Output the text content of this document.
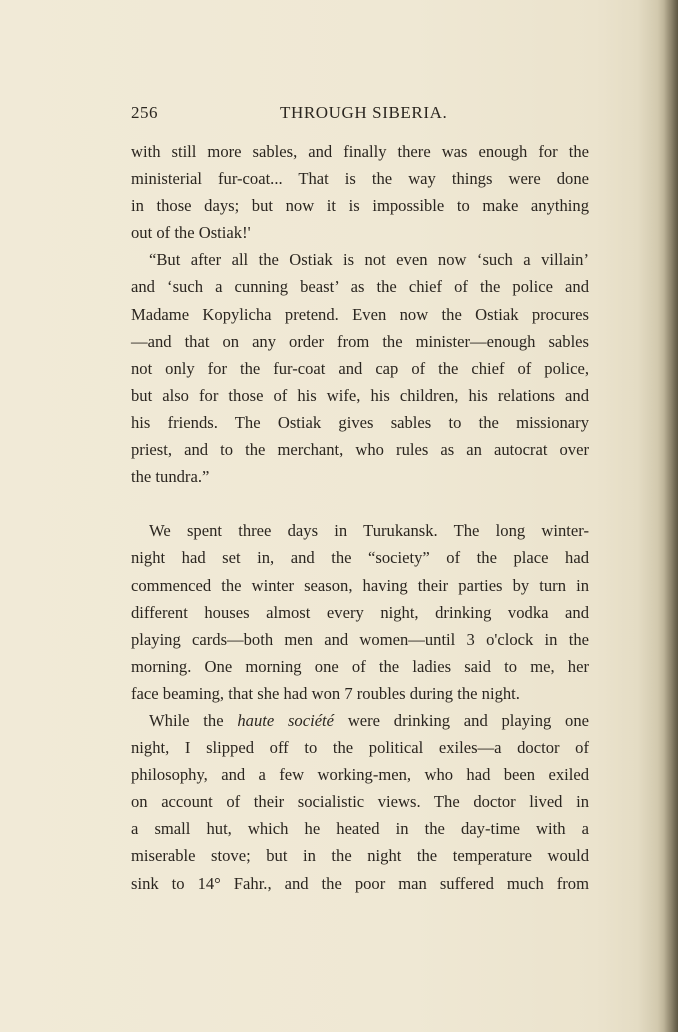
256	THROUGH SIBERIA.
with still more sables, and finally there was enough for the
ministerial fur-coat... That is the way things were done
in those days; but now it is impossible to make anything
out of the Ostiak!'
“But after all the Ostiak is not even now ‘such a villain’
and ‘such a cunning beast’ as the chief of the police and
Madame Kopylicha pretend. Even now the Ostiak procures
—and that on any order from the minister—enough sables
not only for the fur-coat and cap of the chief of police,
but also for those of his wife, his children, his relations and
his friends. The Ostiak gives sables to the missionary
priest, and to the merchant, who rules as an autocrat over
the tundra.”
We spent three days in Turukansk. The long winter-
night had set in, and the “society” of the place had
commenced the winter season, having their parties by turn in
different houses almost every night, drinking vodka and
playing cards—both men and women—until 3 o'clock in the
morning. One morning one of the ladies said to me, her
face beaming, that she had won 7 roubles during the night.
While the haute société were drinking and playing one
night, I slipped off to the political exiles—a doctor of
philosophy, and a few working-men, who had been exiled
on account of their socialistic views. The doctor lived in
a small hut, which he heated in the day-time with a
miserable stove; but in the night the temperature would
sink to 14° Fahr., and the poor man suffered much from
